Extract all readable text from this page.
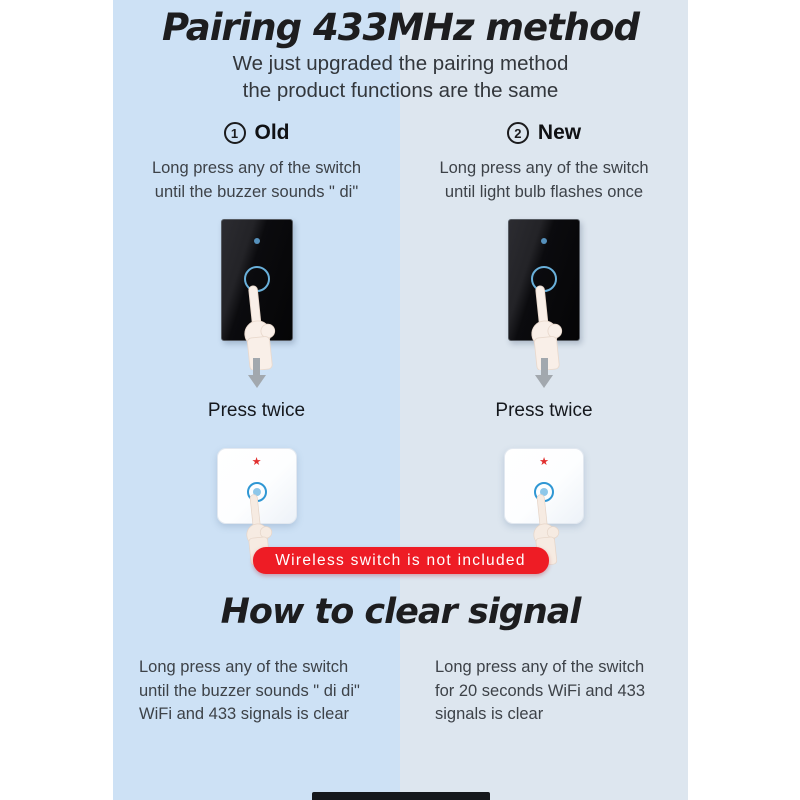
Pairing 433MHz method
We just upgraded the pairing method
the product functions are the same
1 Old
Long press any of the switch
until the buzzer sounds " di"
Press twice
★
2 New
Long press any of the switch
until light bulb flashes once
Press twice
★
Wireless switch is not included
How to clear signal
Long press any of the switch
until the buzzer sounds " di di"
WiFi and 433 signals is clear
Long press any of the switch
for 20 seconds WiFi and 433
signals is clear
